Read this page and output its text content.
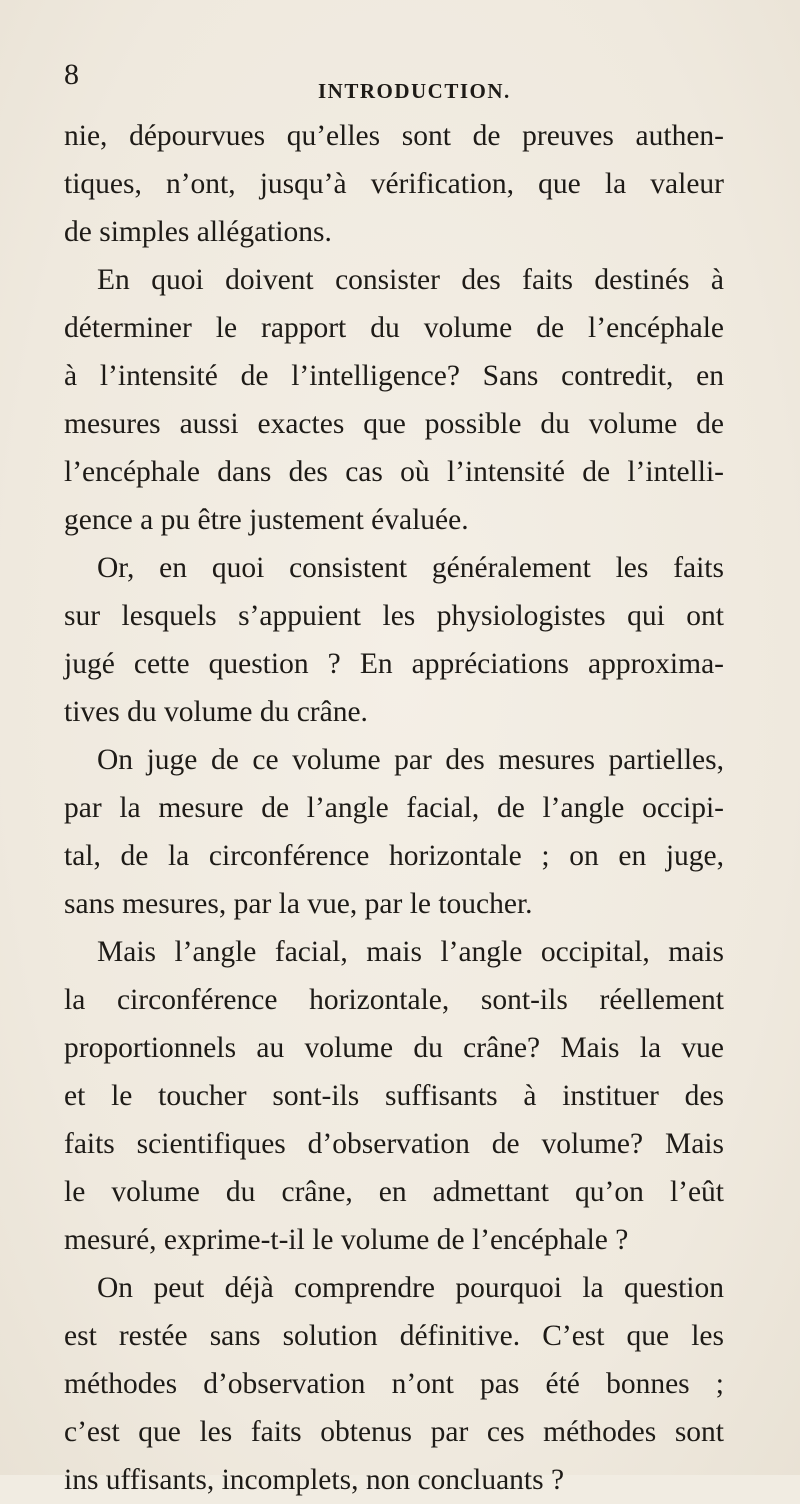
8	INTRODUCTION.
nie, dépourvues qu’elles sont de preuves authen-
tiques, n’ont, jusqu’à vérification, que la valeur
de simples allégations.
En quoi doivent consister des faits destinés à
déterminer le rapport du volume de l’encéphale
à l’intensité de l’intelligence? Sans contredit, en
mesures aussi exactes que possible du volume de
l’encéphale dans des cas où l’intensité de l’intelli-
gence a pu être justement évaluée.
Or, en quoi consistent généralement les faits
sur lesquels s’appuient les physiologistes qui ont
jugé cette question ? En appréciations approxima-
tives du volume du crâne.
On juge de ce volume par des mesures partielles,
par la mesure de l’angle facial, de l’angle occipi-
tal, de la circonférence horizontale ; on en juge,
sans mesures, par la vue, par le toucher.
Mais l’angle facial, mais l’angle occipital, mais
la circonférence horizontale, sont-ils réellement
proportionnels au volume du crâne? Mais la vue
et le toucher sont-ils suffisants à instituer des
faits scientifiques d’observation de volume? Mais
le volume du crâne, en admettant qu’on l’eût
mesuré, exprime-t-il le volume de l’encéphale ?
On peut déjà comprendre pourquoi la question
est restée sans solution définitive. C’est que les
méthodes d’observation n’ont pas été bonnes ;
c’est que les faits obtenus par ces méthodes sont
ins uffisants, incomplets, non concluants ?
